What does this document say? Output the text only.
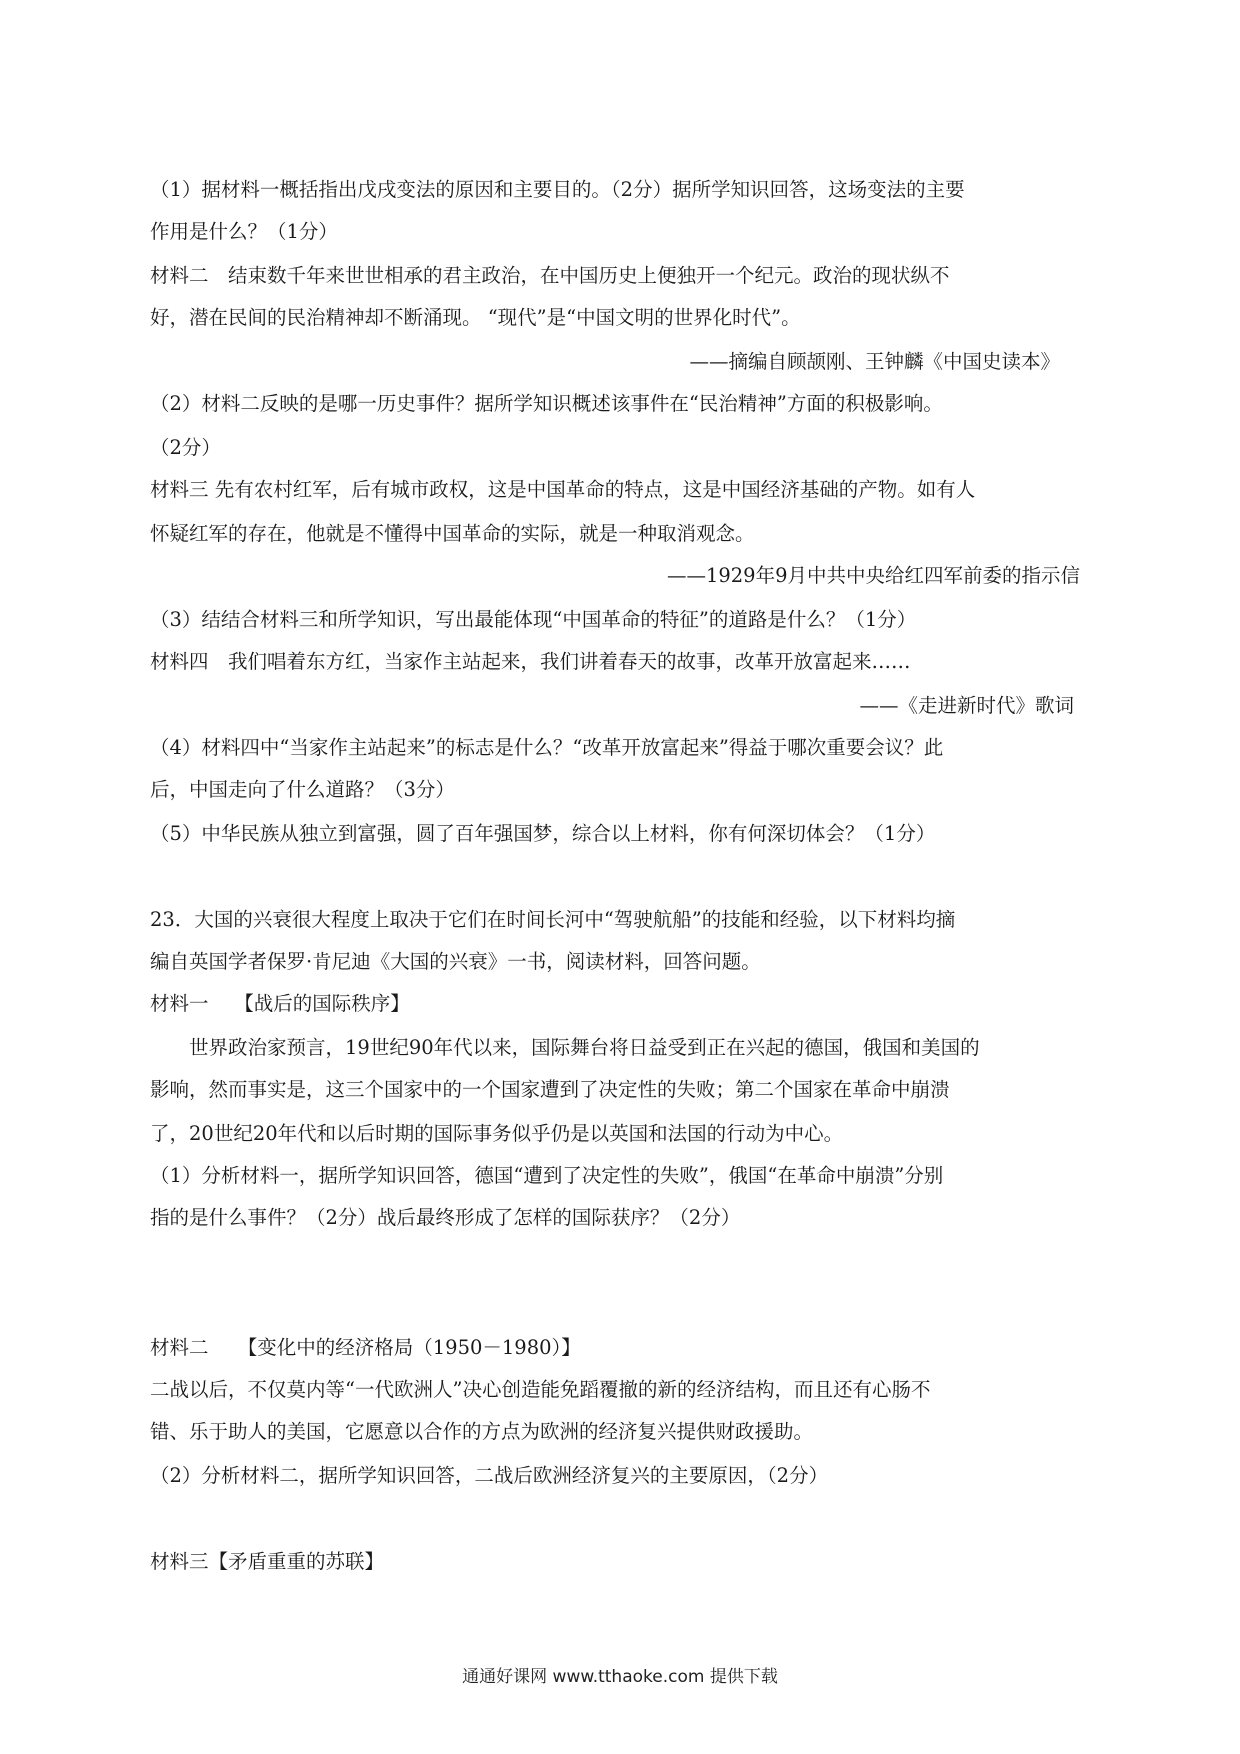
（1）据材料一概括指出戊戌变法的原因和主要目的。（2分）据所学知识回答，这场变法的主要
作用是什么？（1分）
材料二　结束数千年来世世相承的君主政治，在中国历史上便独开一个纪元。政治的现状纵不
好，潜在民间的民治精神却不断涌现。 “现代”是“中国文明的世界化时代”。
——摘编自顾颉刚、王钟麟《中国史读本》
（2）材料二反映的是哪一历史事件？据所学知识概述该事件在“民治精神”方面的积极影响。
（2分）
材料三 先有农村红军，后有城市政权，这是中国革命的特点，这是中国经济基础的产物。如有人
怀疑红军的存在，他就是不懂得中国革命的实际，就是一种取消观念。
——1929年9月中共中央给红四军前委的指示信
（3）结结合材料三和所学知识，写出最能体现“中国革命的特征”的道路是什么？（1分）
材料四　我们唱着东方红，当家作主站起来，我们讲着春天的故事，改革开放富起来……
——《走进新时代》歌词
（4）材料四中“当家作主站起来”的标志是什么？“改革开放富起来”得益于哪次重要会议？此
后，中国走向了什么道路？（3分）
（5）中华民族从独立到富强，圆了百年强国梦，综合以上材料，你有何深切体会？（1分）
23．大国的兴衰很大程度上取决于它们在时间长河中“驾驶航船”的技能和经验，以下材料均摘
编自英国学者保罗·肯尼迪《大国的兴衰》一书，阅读材料，回答问题。
材料一　 【战后的国际秩序】
　　世界政治家预言，19世纪90年代以来，国际舞台将日益受到正在兴起的德国，俄国和美国的
影响，然而事实是，这三个国家中的一个国家遭到了决定性的失败；第二个国家在革命中崩溃
了，20世纪20年代和以后时期的国际事务似乎仍是以英国和法国的行动为中心。
（1）分析材料一，据所学知识回答，德国“遭到了决定性的失败”，俄国“在革命中崩溃”分别
指的是什么事件？（2分）战后最终形成了怎样的国际获序？（2分）
材料二　　【变化中的经济格局（1950－1980）】
二战以后，不仅莫内等“一代欧洲人”决心创造能免蹈覆撤的新的经济结构，而且还有心肠不
错、乐于助人的美国，它愿意以合作的方点为欧洲的经济复兴提供财政援助。
（2）分析材料二，据所学知识回答，二战后欧洲经济复兴的主要原因，（2分）
材料三【矛盾重重的苏联】
通通好课网 www.tthaoke.com 提供下载
